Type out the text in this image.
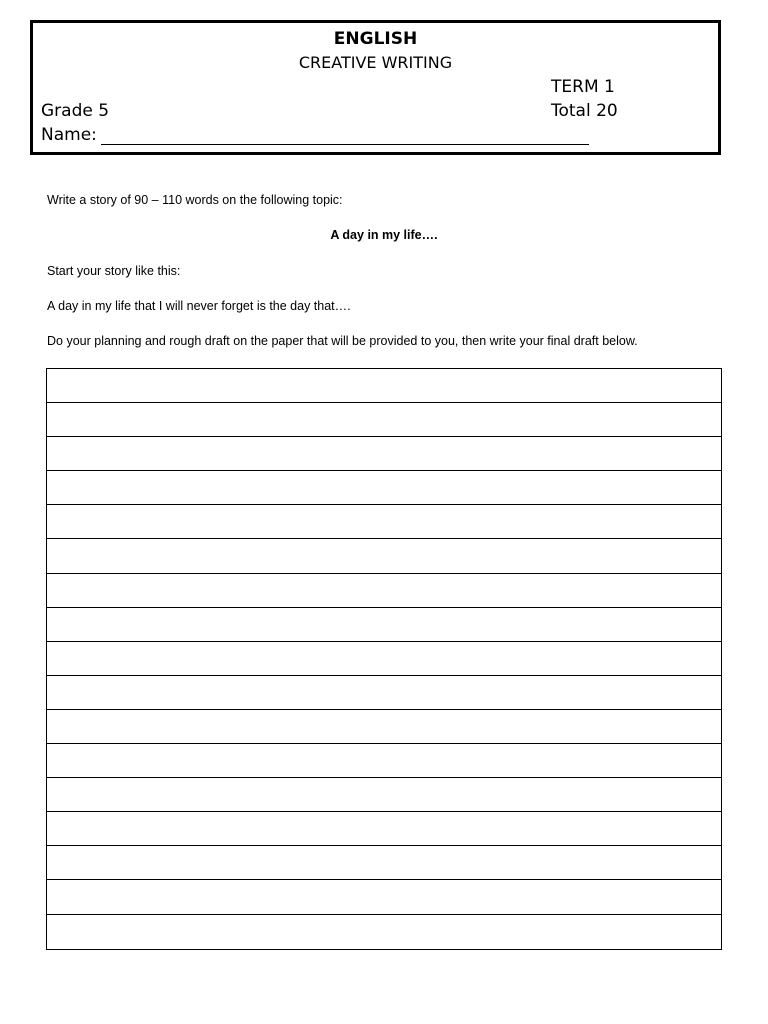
ENGLISH
CREATIVE WRITING
TERM 1
Grade 5	Total 20
Name:
Write a story of 90 – 110 words on the following topic:
A day in my life….
Start your story like this:
A day in my life that I will never forget is the day that….
Do your planning and rough draft on the paper that will be provided to you, then write your final draft below.
